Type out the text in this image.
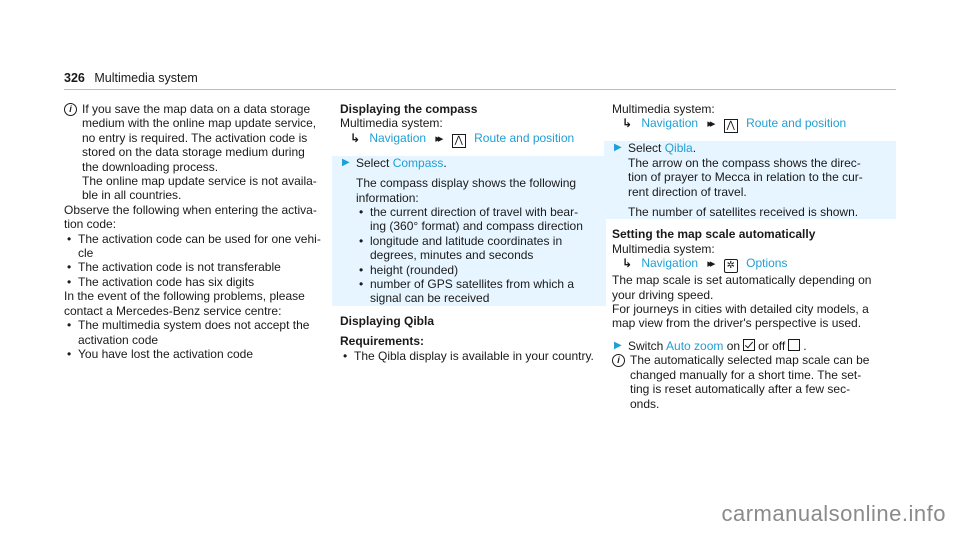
326 Multimedia system
i If you save the map data on a data storage
medium with the online map update service,
no entry is required. The activation code is
stored on the data storage medium during
the downloading process.
The online map update service is not availa-
ble in all countries.
Observe the following when entering the activa-
tion code:
• The activation code can be used for one vehi-
cle
• The activation code is not transferable
• The activation code has six digits
In the event of the following problems, please
contact a Mercedes-Benz service centre:
• The multimedia system does not accept the
activation code
• You have lost the activation code
Displaying the compass
Multimedia system:
↳ Navigation ▸▸ ⋀ Route and position
▶ Select Compass.
The compass display shows the following
information:
• the current direction of travel with bear-
ing (360° format) and compass direction
• longitude and latitude coordinates in
degrees, minutes and seconds
• height (rounded)
• number of GPS satellites from which a
signal can be received
Displaying Qibla
Requirements:
• The Qibla display is available in your country.
Multimedia system:
↳ Navigation ▸▸ ⋀ Route and position
▶ Select Qibla.
The arrow on the compass shows the direc-
tion of prayer to Mecca in relation to the cur-
rent direction of travel.
The number of satellites received is shown.
Setting the map scale automatically
Multimedia system:
↳ Navigation ▸▸ ✲ Options
The map scale is set automatically depending on
your driving speed.
For journeys in cities with detailed city models, a
map view from the driver's perspective is used.
▶ Switch Auto zoom on or off .
i The automatically selected map scale can be
changed manually for a short time. The set-
ting is reset automatically after a few sec-
onds.
carmanualsonline.info
